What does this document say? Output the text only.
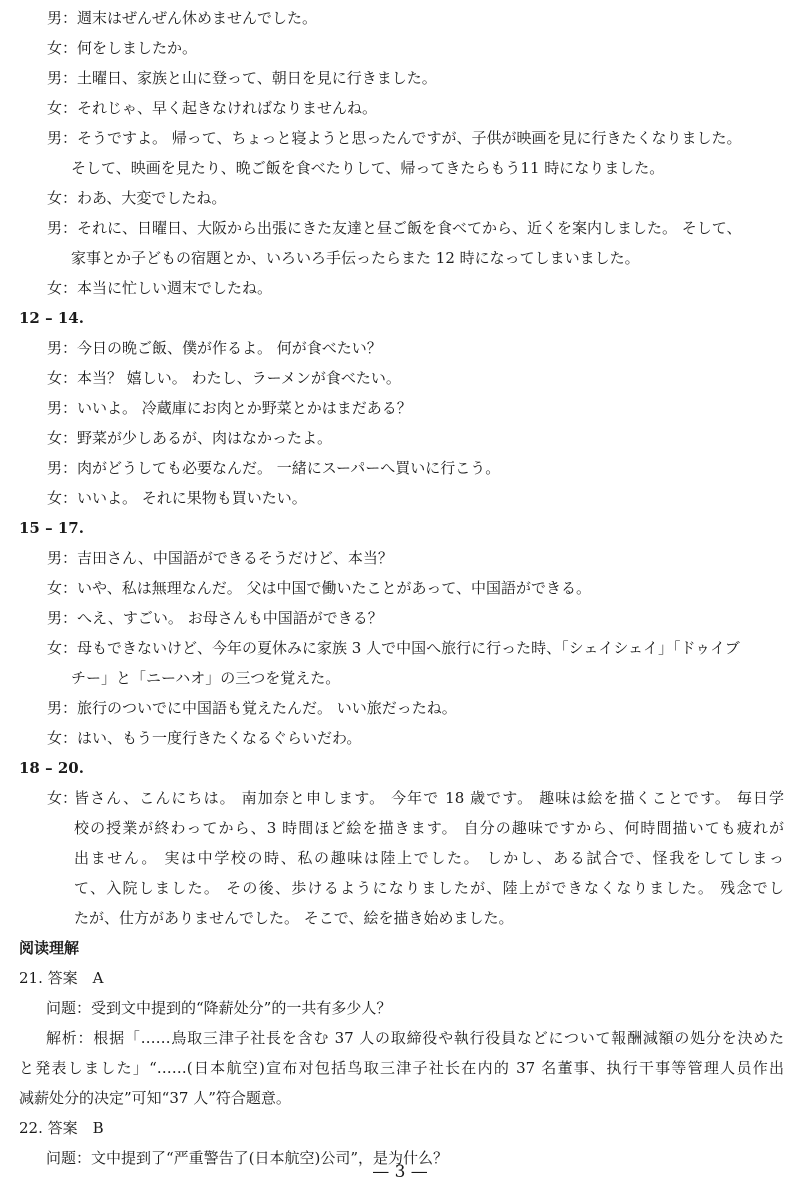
男：週末はぜんぜん休めませんでした。
女：何をしましたか。
男：土曜日、家族と山に登って、朝日を見に行きました。
女：それじゃ、早く起きなければなりませんね。
男：そうですよ。 帰って、ちょっと寝ようと思ったんですが、子供が映画を見に行きたくなりました。
そして、映画を見たり、晩ご飯を食べたりして、帰ってきたらもう11 時になりました。
女：わあ、大変でしたね。
男：それに、日曜日、大阪から出張にきた友達と昼ご飯を食べてから、近くを案内しました。 そして、
家事とか子どもの宿題とか、いろいろ手伝ったらまた 12 時になってしまいました。
女：本当に忙しい週末でしたね。
12 – 14.
男：今日の晩ご飯、僕が作るよ。 何が食べたい？
女：本当？ 嬉しい。 わたし、ラーメンが食べたい。
男：いいよ。 冷蔵庫にお肉とか野菜とかはまだある？
女：野菜が少しあるが、肉はなかったよ。
男：肉がどうしても必要なんだ。 一緒にスーパーへ買いに行こう。
女：いいよ。 それに果物も買いたい。
15 – 17.
男：吉田さん、中国語ができるそうだけど、本当？
女：いや、私は無理なんだ。 父は中国で働いたことがあって、中国語ができる。
男：へえ、すごい。 お母さんも中国語ができる？
女：母もできないけど、今年の夏休みに家族 3 人で中国へ旅行に行った時、「シェイシェイ」「ドゥイブ
チー」と「ニーハオ」の三つを覚えた。
男：旅行のついでに中国語も覚えたんだ。 いい旅だったね。
女：はい、もう一度行きたくなるぐらいだわ。
18 – 20.
女：
皆さん、こんにちは。 南加奈と申します。 今年で 18 歳です。 趣味は絵を描くことです。 毎日学
校の授業が終わってから、3 時間ほど絵を描きます。 自分の趣味ですから、何時間描いても疲れが
出ません。 実は中学校の時、私の趣味は陸上でした。 しかし、ある試合で、怪我をしてしまっ
て、入院しました。 その後、歩けるようになりましたが、陸上ができなくなりました。 残念でし
たが、仕方がありませんでした。 そこで、絵を描き始めました。
阅读理解
21. 答案　A
问题：受到文中提到的“降薪处分”的一共有多少人？
解析：根据「……鳥取三津子社長を含む 37 人の取締役や執行役員などについて報酬減額の処分を決めた
と発表しました」“……(日本航空)宣布对包括鸟取三津子社长在内的 37 名董事、执行干事等管理人员作出
减薪处分的决定”可知“37 人”符合题意。
22. 答案　B
问题：文中提到了“严重警告了(日本航空)公司”，是为什么？
— 3 —
